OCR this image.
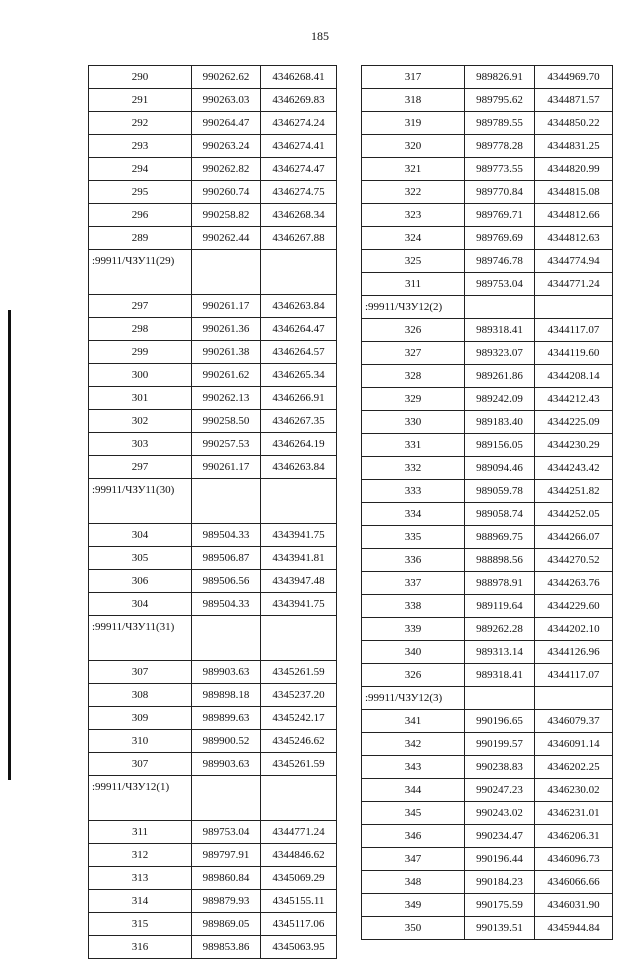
185
290	990262.62	4346268.41
291	990263.03	4346269.83
292	990264.47	4346274.24
293	990263.24	4346274.41
294	990262.82	4346274.47
295	990260.74	4346274.75
296	990258.82	4346268.34
289	990262.44	4346267.88
:99911/ЧЗУ11(29)		
297	990261.17	4346263.84
298	990261.36	4346264.47
299	990261.38	4346264.57
300	990261.62	4346265.34
301	990262.13	4346266.91
302	990258.50	4346267.35
303	990257.53	4346264.19
297	990261.17	4346263.84
:99911/ЧЗУ11(30)		
304	989504.33	4343941.75
305	989506.87	4343941.81
306	989506.56	4343947.48
304	989504.33	4343941.75
:99911/ЧЗУ11(31)		
307	989903.63	4345261.59
308	989898.18	4345237.20
309	989899.63	4345242.17
310	989900.52	4345246.62
307	989903.63	4345261.59
:99911/ЧЗУ12(1)		
311	989753.04	4344771.24
312	989797.91	4344846.62
313	989860.84	4345069.29
314	989879.93	4345155.11
315	989869.05	4345117.06
316	989853.86	4345063.95
317	989826.91	4344969.70
318	989795.62	4344871.57
319	989789.55	4344850.22
320	989778.28	4344831.25
321	989773.55	4344820.99
322	989770.84	4344815.08
323	989769.71	4344812.66
324	989769.69	4344812.63
325	989746.78	4344774.94
311	989753.04	4344771.24
:99911/ЧЗУ12(2)		
326	989318.41	4344117.07
327	989323.07	4344119.60
328	989261.86	4344208.14
329	989242.09	4344212.43
330	989183.40	4344225.09
331	989156.05	4344230.29
332	989094.46	4344243.42
333	989059.78	4344251.82
334	989058.74	4344252.05
335	988969.75	4344266.07
336	988898.56	4344270.52
337	988978.91	4344263.76
338	989119.64	4344229.60
339	989262.28	4344202.10
340	989313.14	4344126.96
326	989318.41	4344117.07
:99911/ЧЗУ12(3)		
341	990196.65	4346079.37
342	990199.57	4346091.14
343	990238.83	4346202.25
344	990247.23	4346230.02
345	990243.02	4346231.01
346	990234.47	4346206.31
347	990196.44	4346096.73
348	990184.23	4346066.66
349	990175.59	4346031.90
350	990139.51	4345944.84
